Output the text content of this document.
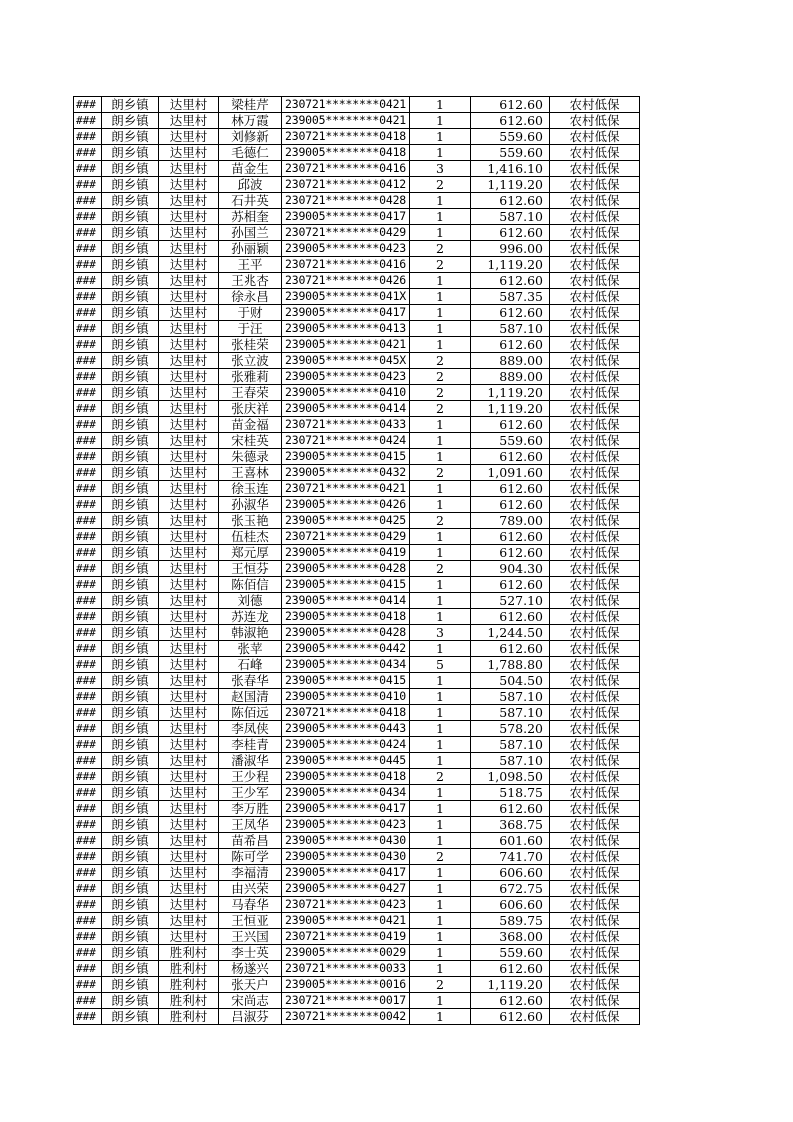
###	朗乡镇	达里村	梁桂芹	230721********0421	1	612.60	农村低保
###	朗乡镇	达里村	林万霞	239005********0421	1	612.60	农村低保
###	朗乡镇	达里村	刘修新	230721********0418	1	559.60	农村低保
###	朗乡镇	达里村	毛德仁	239005********0418	1	559.60	农村低保
###	朗乡镇	达里村	苗金生	230721********0416	3	1,416.10	农村低保
###	朗乡镇	达里村	邱波	230721********0412	2	1,119.20	农村低保
###	朗乡镇	达里村	石井英	230721********0428	1	612.60	农村低保
###	朗乡镇	达里村	苏相奎	239005********0417	1	587.10	农村低保
###	朗乡镇	达里村	孙国兰	230721********0429	1	612.60	农村低保
###	朗乡镇	达里村	孙丽颖	239005********0423	2	996.00	农村低保
###	朗乡镇	达里村	王平	230721********0416	2	1,119.20	农村低保
###	朗乡镇	达里村	王兆杏	230721********0426	1	612.60	农村低保
###	朗乡镇	达里村	徐永昌	239005********041X	1	587.35	农村低保
###	朗乡镇	达里村	于财	239005********0417	1	612.60	农村低保
###	朗乡镇	达里村	于汪	239005********0413	1	587.10	农村低保
###	朗乡镇	达里村	张桂荣	239005********0421	1	612.60	农村低保
###	朗乡镇	达里村	张立波	239005********045X	2	889.00	农村低保
###	朗乡镇	达里村	张雅莉	239005********0423	2	889.00	农村低保
###	朗乡镇	达里村	王春荣	239005********0410	2	1,119.20	农村低保
###	朗乡镇	达里村	张庆祥	239005********0414	2	1,119.20	农村低保
###	朗乡镇	达里村	苗金福	230721********0433	1	612.60	农村低保
###	朗乡镇	达里村	宋桂英	230721********0424	1	559.60	农村低保
###	朗乡镇	达里村	朱德录	239005********0415	1	612.60	农村低保
###	朗乡镇	达里村	王喜林	239005********0432	2	1,091.60	农村低保
###	朗乡镇	达里村	徐玉连	230721********0421	1	612.60	农村低保
###	朗乡镇	达里村	孙淑华	239005********0426	1	612.60	农村低保
###	朗乡镇	达里村	张玉艳	239005********0425	2	789.00	农村低保
###	朗乡镇	达里村	伍桂杰	230721********0429	1	612.60	农村低保
###	朗乡镇	达里村	郑元厚	239005********0419	1	612.60	农村低保
###	朗乡镇	达里村	王恒芬	239005********0428	2	904.30	农村低保
###	朗乡镇	达里村	陈佰信	239005********0415	1	612.60	农村低保
###	朗乡镇	达里村	刘德	239005********0414	1	527.10	农村低保
###	朗乡镇	达里村	苏连龙	239005********0418	1	612.60	农村低保
###	朗乡镇	达里村	韩淑艳	239005********0428	3	1,244.50	农村低保
###	朗乡镇	达里村	张苹	239005********0442	1	612.60	农村低保
###	朗乡镇	达里村	石峰	239005********0434	5	1,788.80	农村低保
###	朗乡镇	达里村	张春华	239005********0415	1	504.50	农村低保
###	朗乡镇	达里村	赵国清	239005********0410	1	587.10	农村低保
###	朗乡镇	达里村	陈佰远	230721********0418	1	587.10	农村低保
###	朗乡镇	达里村	李凤侠	239005********0443	1	578.20	农村低保
###	朗乡镇	达里村	李桂青	239005********0424	1	587.10	农村低保
###	朗乡镇	达里村	潘淑华	239005********0445	1	587.10	农村低保
###	朗乡镇	达里村	王少程	239005********0418	2	1,098.50	农村低保
###	朗乡镇	达里村	王少军	239005********0434	1	518.75	农村低保
###	朗乡镇	达里村	李万胜	239005********0417	1	612.60	农村低保
###	朗乡镇	达里村	王凤华	239005********0423	1	368.75	农村低保
###	朗乡镇	达里村	苗希昌	239005********0430	1	601.60	农村低保
###	朗乡镇	达里村	陈可学	239005********0430	2	741.70	农村低保
###	朗乡镇	达里村	李福清	239005********0417	1	606.60	农村低保
###	朗乡镇	达里村	由兴荣	239005********0427	1	672.75	农村低保
###	朗乡镇	达里村	马春华	230721********0423	1	606.60	农村低保
###	朗乡镇	达里村	王恒亚	239005********0421	1	589.75	农村低保
###	朗乡镇	达里村	王兴国	230721********0419	1	368.00	农村低保
###	朗乡镇	胜利村	李士英	239005********0029	1	559.60	农村低保
###	朗乡镇	胜利村	杨遂兴	230721********0033	1	612.60	农村低保
###	朗乡镇	胜利村	张天户	239005********0016	2	1,119.20	农村低保
###	朗乡镇	胜利村	宋尚志	230721********0017	1	612.60	农村低保
###	朗乡镇	胜利村	吕淑芬	230721********0042	1	612.60	农村低保
